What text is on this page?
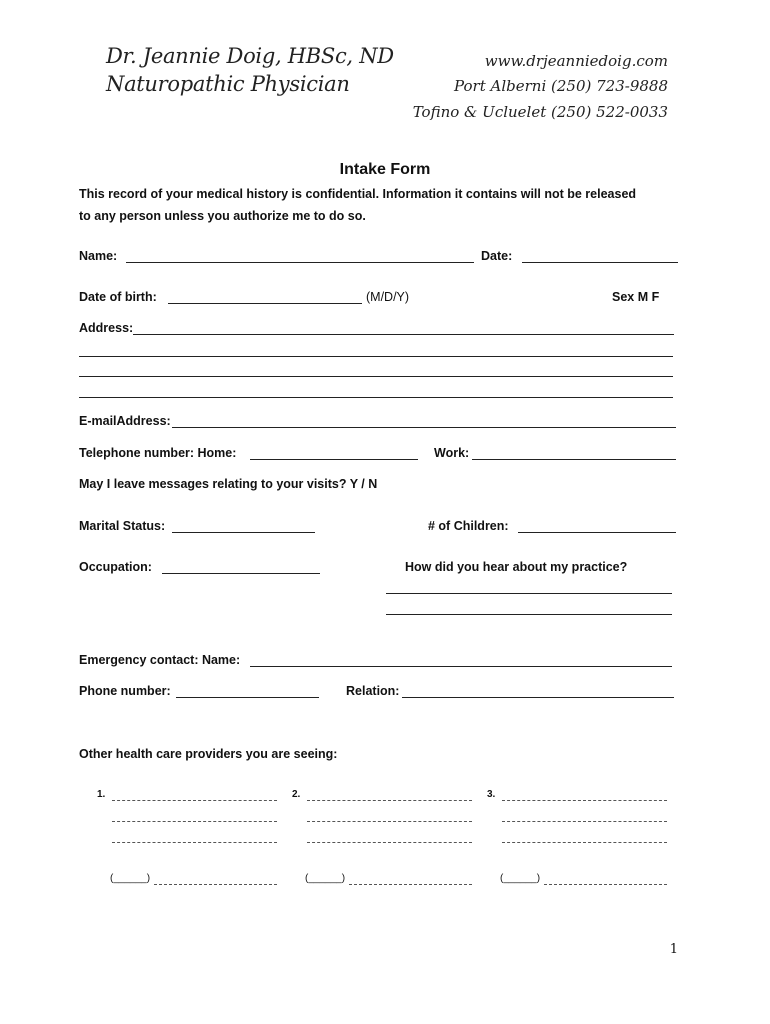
Dr. Jeannie Doig, HBSc, ND
Naturopathic Physician
www.drjeanniedoig.com
Port Alberni (250) 723-9888
Tofino & Ucluelet (250) 522-0033
Intake Form
This record of your medical history is confidential. Information it contains will not be released
to any person unless you authorize me to do so.
Name:	Date:
Date of birth:	(M/D/Y)	Sex M F
Address:
E-mailAddress:
Telephone number: Home:	Work:
May I leave messages relating to your visits? Y / N
Marital Status:	# of Children:
Occupation:	How did you hear about my practice?
Emergency contact: Name:
Phone number:	Relation:
Other health care providers you are seeing:
1.
(______)
2.
(______)
3.
(______)
1
